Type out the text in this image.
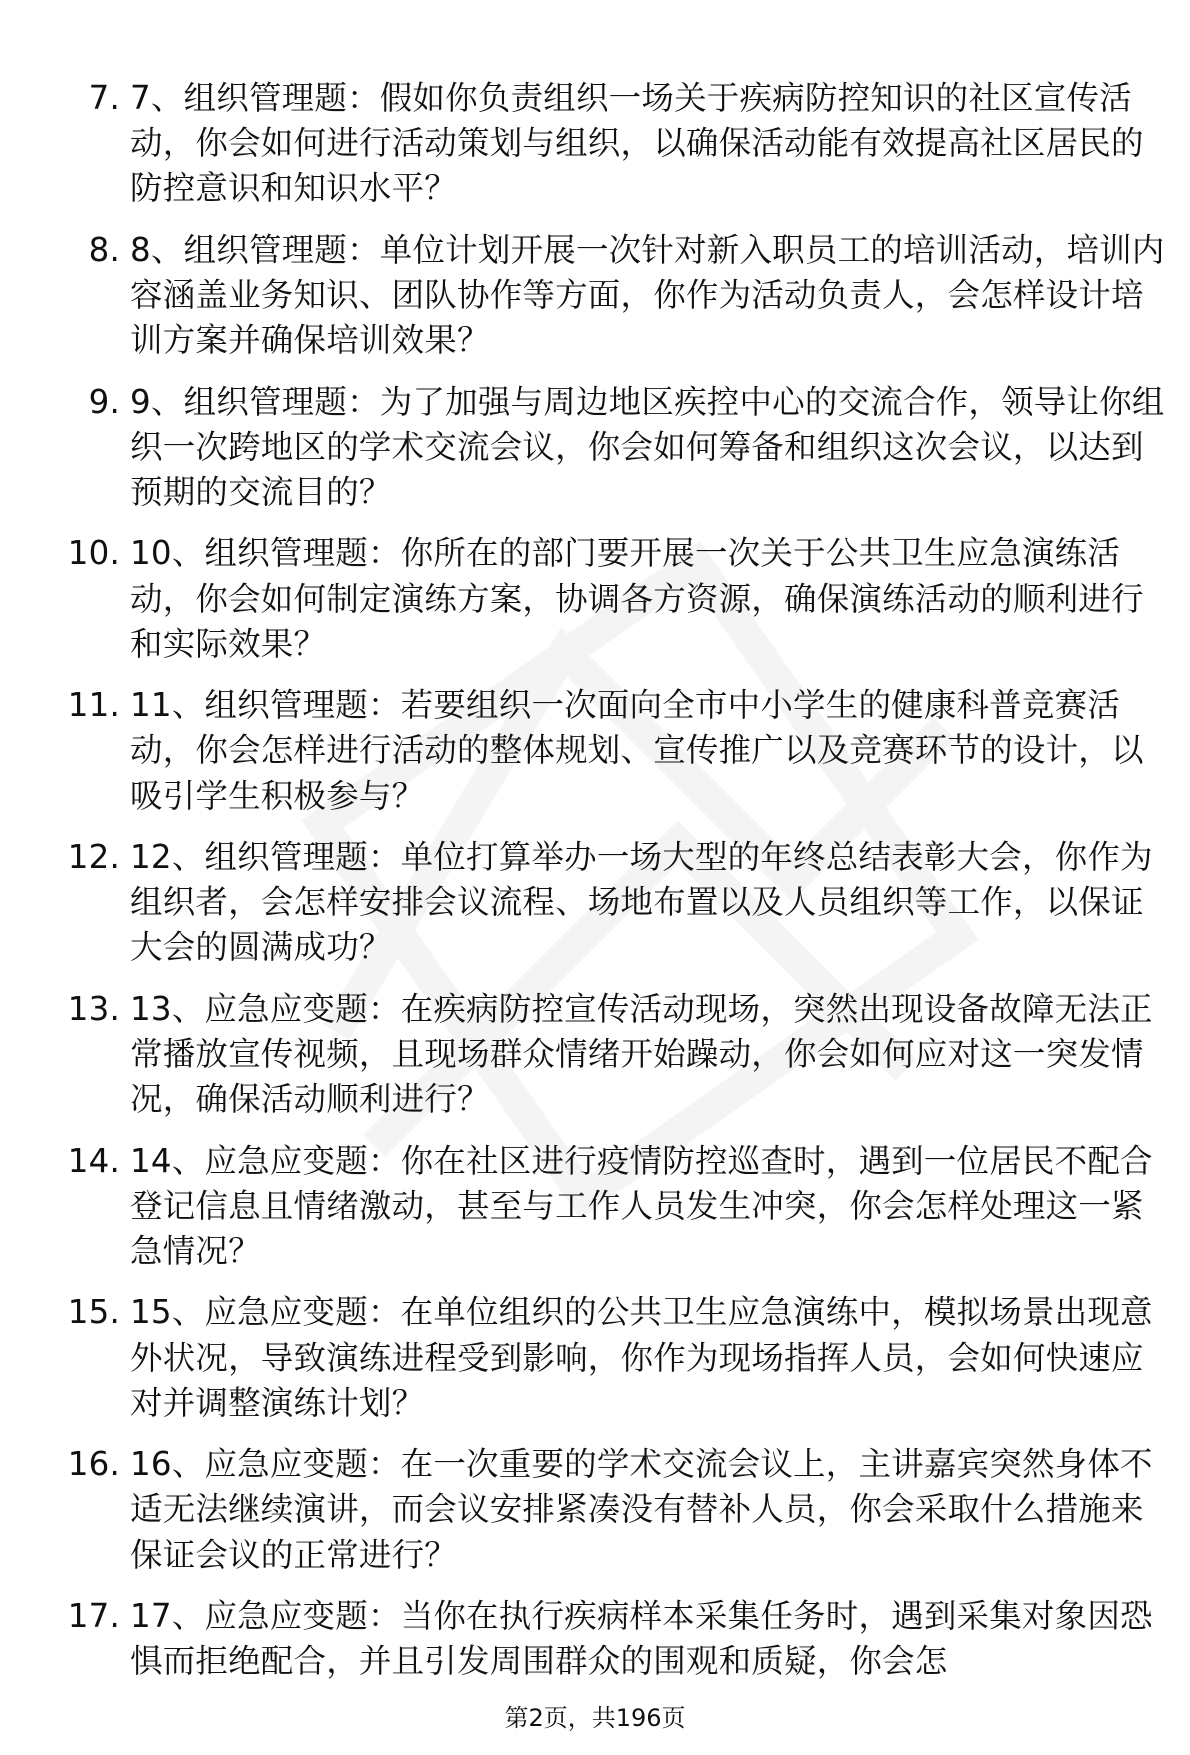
7. 7、组织管理题：假如你负责组织一场关于疾病防控知识的社区宣传活动，你会如何进行活动策划与组织，以确保活动能有效提高社区居民的防控意识和知识水平？
8. 8、组织管理题：单位计划开展一次针对新入职员工的培训活动，培训内容涵盖业务知识、团队协作等方面，你作为活动负责人，会怎样设计培训方案并确保培训效果？
9. 9、组织管理题：为了加强与周边地区疾控中心的交流合作，领导让你组织一次跨地区的学术交流会议，你会如何筹备和组织这次会议，以达到预期的交流目的？
10. 10、组织管理题：你所在的部门要开展一次关于公共卫生应急演练活动，你会如何制定演练方案，协调各方资源，确保演练活动的顺利进行和实际效果？
11. 11、组织管理题：若要组织一次面向全市中小学生的健康科普竞赛活动，你会怎样进行活动的整体规划、宣传推广以及竞赛环节的设计，以吸引学生积极参与？
12. 12、组织管理题：单位打算举办一场大型的年终总结表彰大会，你作为组织者，会怎样安排会议流程、场地布置以及人员组织等工作，以保证大会的圆满成功？
13. 13、应急应变题：在疾病防控宣传活动现场，突然出现设备故障无法正常播放宣传视频，且现场群众情绪开始躁动，你会如何应对这一突发情况，确保活动顺利进行？
14. 14、应急应变题：你在社区进行疫情防控巡查时，遇到一位居民不配合登记信息且情绪激动，甚至与工作人员发生冲突，你会怎样处理这一紧急情况？
15. 15、应急应变题：在单位组织的公共卫生应急演练中，模拟场景出现意外状况，导致演练进程受到影响，你作为现场指挥人员，会如何快速应对并调整演练计划？
16. 16、应急应变题：在一次重要的学术交流会议上，主讲嘉宾突然身体不适无法继续演讲，而会议安排紧凑没有替补人员，你会采取什么措施来保证会议的正常进行？
17. 17、应急应变题：当你在执行疾病样本采集任务时，遇到采集对象因恐惧而拒绝配合，并且引发周围群众的围观和质疑，你会怎
第2页，共196页
